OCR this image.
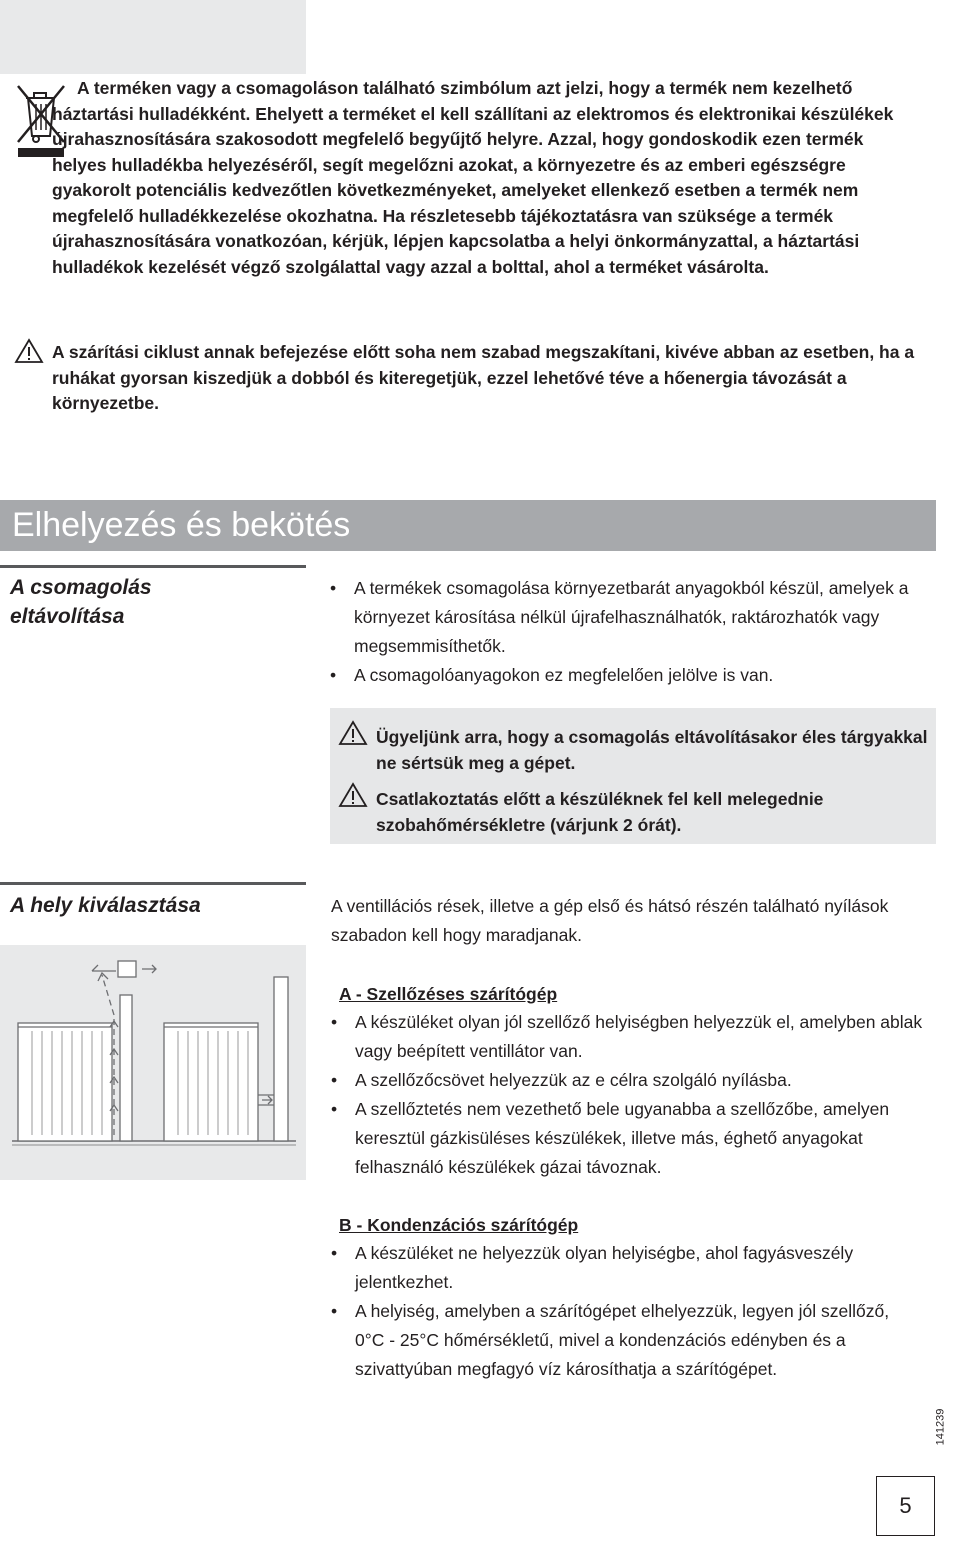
A terméken vagy a csomagoláson található szimbólum azt jelzi, hogy a termék nem kezelhető háztartási hulladékként. Ehelyett a terméket el kell szállítani az elektromos és elektronikai készülékek újrahasznosítására szakosodott megfelelő begyűjtő helyre. Azzal, hogy gondoskodik ezen termék helyes hulladékba helyezéséről, segít megelőzni azokat, a környezetre és az emberi egészségre gyakorolt potenciális kedvezőtlen következményeket, amelyeket ellenkező esetben a termék nem megfelelő hulladékkezelése okozhatna. Ha részletesebb tájékoztatásra van szüksége a termék újrahasznosítására vonatkozóan, kérjük, lépjen kapcsolatba a helyi önkormányzattal, a háztartási hulladékok kezelését végző szolgálattal vagy azzal a bolttal, ahol a terméket vásárolta.
A szárítási ciklust annak befejezése előtt soha nem szabad megszakítani, kivéve abban az esetben, ha a ruhákat gyorsan kiszedjük a dobból és kiteregetjük, ezzel lehetővé téve a hőenergia távozását a környezetbe.
Elhelyezés és bekötés
A csomagolás
eltávolítása
• A termékek csomagolása környezetbarát anyagokból készül, amelyek a környezet károsítása nélkül újrafelhasználhatók, raktározhatók vagy megsemmisíthetők.
• A csomagolóanyagokon ez megfelelően jelölve is van.
Ügyeljünk arra, hogy a csomagolás eltávolításakor éles tárgyakkal ne sértsük meg a gépet.
Csatlakoztatás előtt a készüléknek fel kell melegednie szobahőmérsékletre (várjunk 2 órát).
A hely kiválasztása	A ventillációs rések, illetve a gép első és hátsó részén található nyílások szabadon kell hogy maradjanak.
A - Szellőzéses szárítógép
• A készüléket olyan jól szellőző helyiségben helyezzük el, amelyben ablak vagy beépített ventillátor van.
• A szellőzőcsövet helyezzük az e célra szolgáló nyílásba.
• A szellőztetés nem vezethető bele ugyanabba a szellőzőbe, amelyen keresztül gázkisüléses készülékek, illetve más, éghető anyagokat felhasználó készülékek gázai távoznak.
B - Kondenzációs szárítógép
• A készüléket ne helyezzük olyan helyiségbe, ahol fagyásveszély jelentkezhet.
• A helyiség, amelyben a szárítógépet elhelyezzük, legyen jól szellőző, 0°C - 25°C hőmérsékletű, mivel a kondenzációs edényben és a szivattyúban megfagyó víz károsíthatja a szárítógépet.
141239
5
